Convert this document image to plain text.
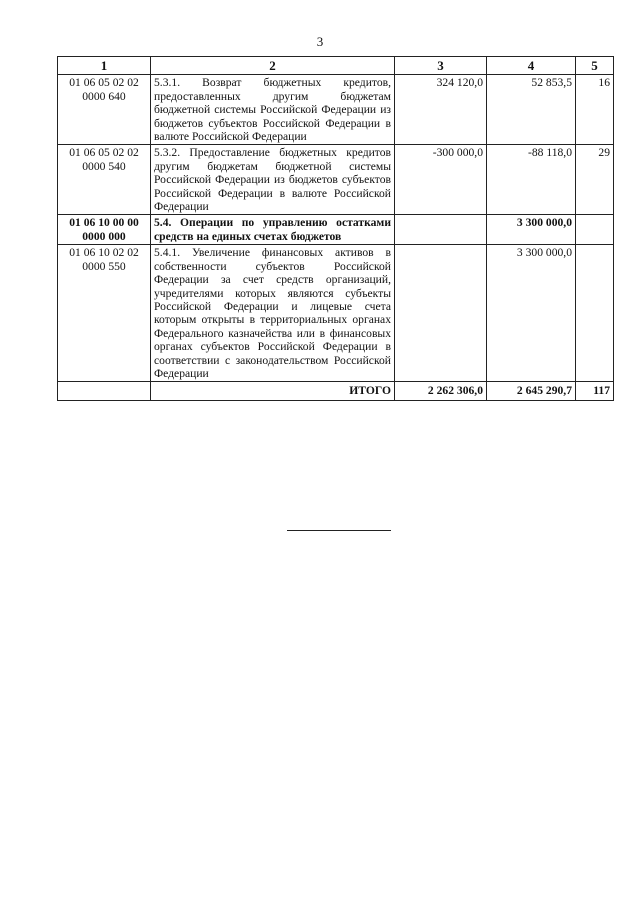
3
1	2	3	4	5
01 06 05 02 02 0000 640	5.3.1. Возврат бюджетных кредитов, предоставленных другим бюджетам бюджетной системы Российской Федерации из бюджетов субъектов Российской Федерации в валюте Российской Федерации	324 120,0	52 853,5	16
01 06 05 02 02 0000 540	5.3.2. Предоставление бюджетных кредитов другим бюджетам бюджетной системы Российской Федерации из бюджетов субъектов Российской Федерации в валюте Российской Федерации	-300 000,0	-88 118,0	29
01 06 10 00 00 0000 000	5.4. Операции по управлению остатками средств на единых счетах бюджетов		3 300 000,0	
01 06 10 02 02 0000 550	5.4.1. Увеличение финансовых активов в собственности субъектов Российской Федерации за счет средств организаций, учредителями которых являются субъекты Российской Федерации и лицевые счета которым открыты в территориальных органах Федерального казначейства или в финансовых органах субъектов Российской Федерации в соответствии с законодательством Российской Федерации		3 300 000,0	
	ИТОГО	2 262 306,0	2 645 290,7	117
